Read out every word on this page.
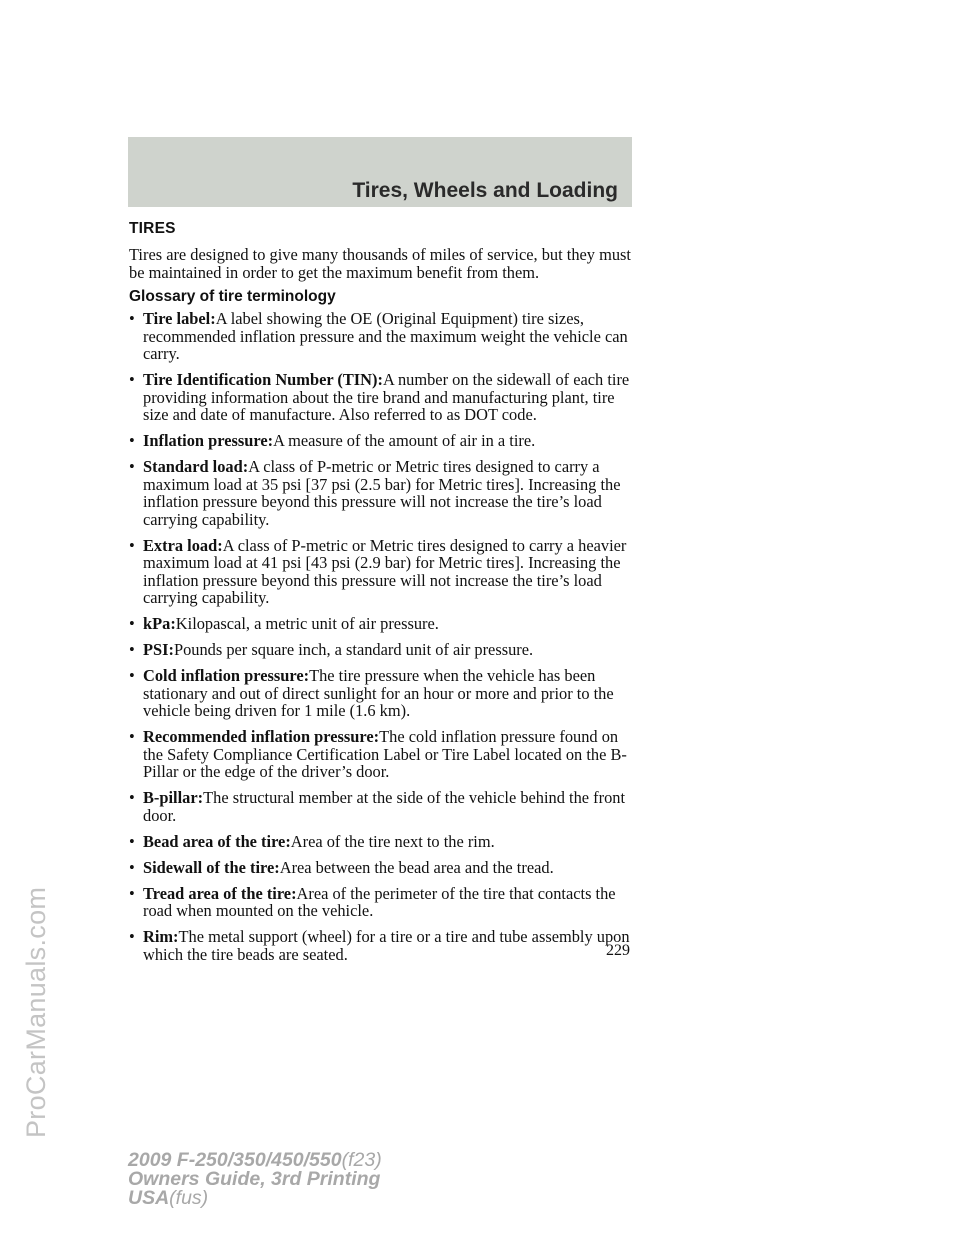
Tires, Wheels and Loading
TIRES

Tires are designed to give many thousands of miles of service, but they must be maintained in order to get the maximum benefit from them.

Glossary of tire terminology
• Tire label:A label showing the OE (Original Equipment) tire sizes, recommended inflation pressure and the maximum weight the vehicle can carry.
• Tire Identification Number (TIN):A number on the sidewall of each tire providing information about the tire brand and manufacturing plant, tire size and date of manufacture. Also referred to as DOT code.
• Inflation pressure:A measure of the amount of air in a tire.
• Standard load:A class of P-metric or Metric tires designed to carry a maximum load at 35 psi [37 psi (2.5 bar) for Metric tires]. Increasing the inflation pressure beyond this pressure will not increase the tire’s load carrying capability.
• Extra load:A class of P-metric or Metric tires designed to carry a heavier maximum load at 41 psi [43 psi (2.9 bar) for Metric tires]. Increasing the inflation pressure beyond this pressure will not increase the tire’s load carrying capability.
• kPa:Kilopascal, a metric unit of air pressure.
• PSI:Pounds per square inch, a standard unit of air pressure.
• Cold inflation pressure:The tire pressure when the vehicle has been stationary and out of direct sunlight for an hour or more and prior to the vehicle being driven for 1 mile (1.6 km).
• Recommended inflation pressure:The cold inflation pressure found on the Safety Compliance Certification Label or Tire Label located on the B-Pillar or the edge of the driver’s door.
• B-pillar:The structural member at the side of the vehicle behind the front door.
• Bead area of the tire:Area of the tire next to the rim.
• Sidewall of the tire:Area between the bead area and the tread.
• Tread area of the tire:Area of the perimeter of the tire that contacts the road when mounted on the vehicle.
• Rim:The metal support (wheel) for a tire or a tire and tube assembly upon which the tire beads are seated.	229
2009 F-250/350/450/550(f23)
Owners Guide, 3rd Printing
USA(fus)
ProCarManuals.com
